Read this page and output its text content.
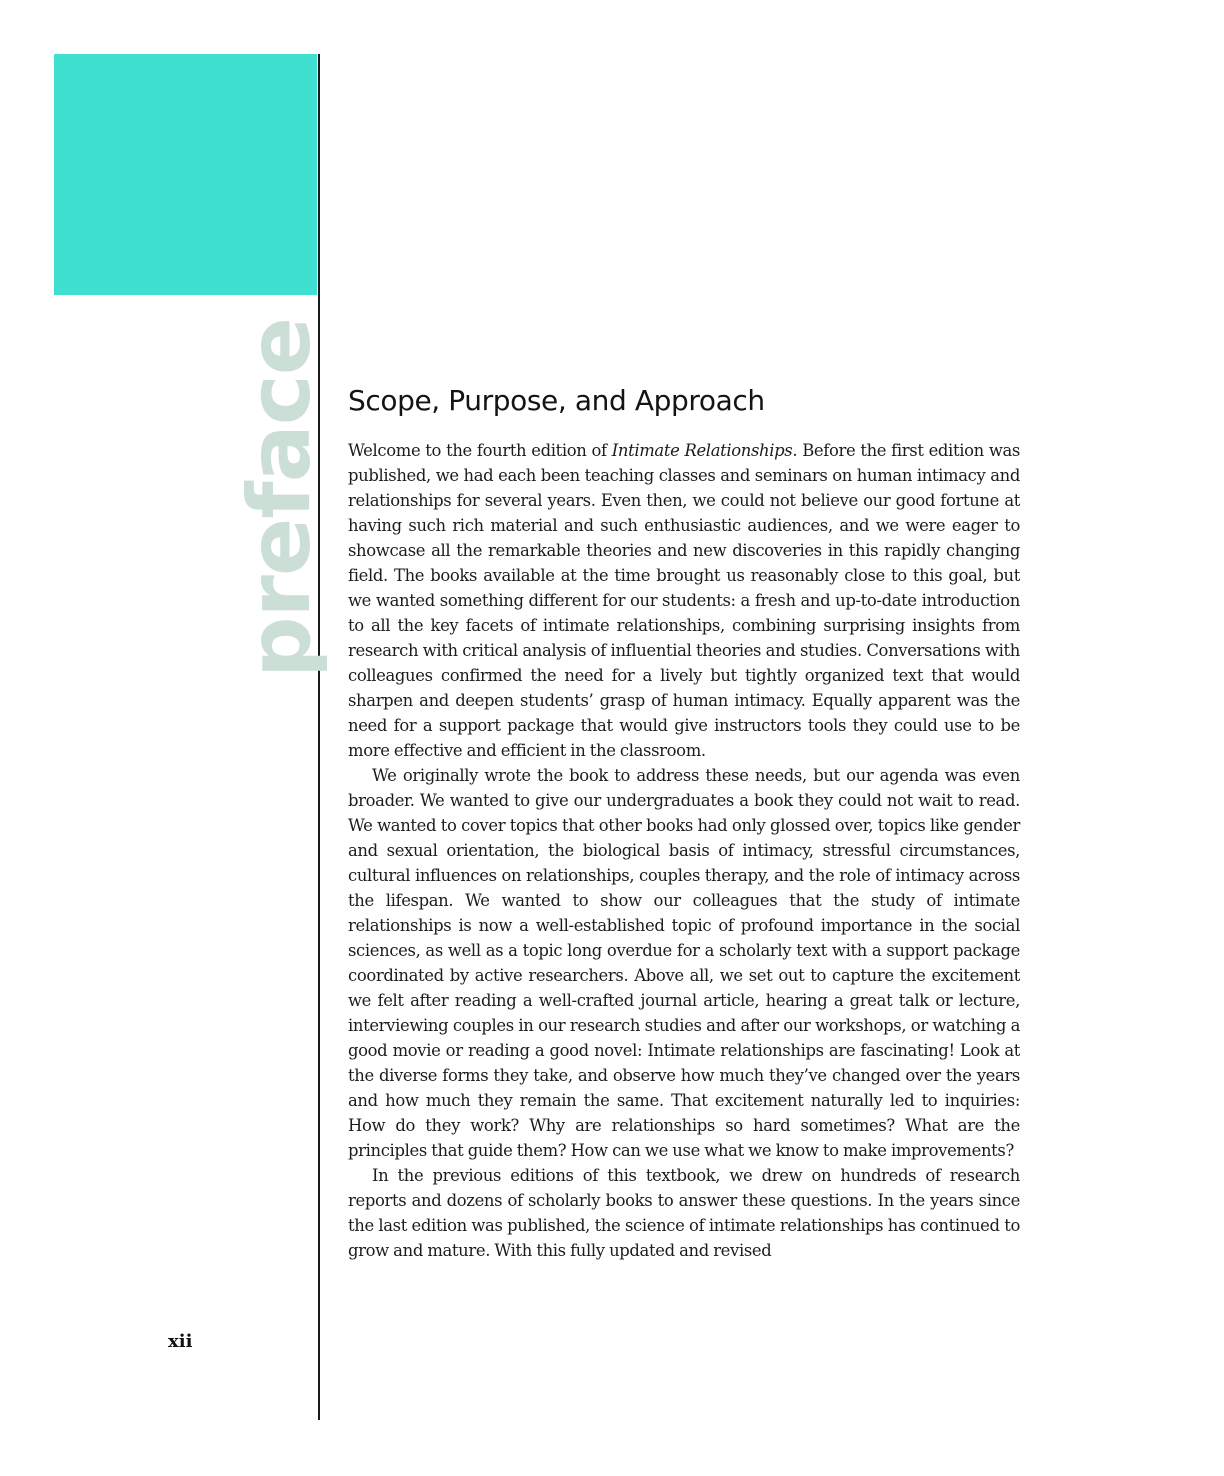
preface
xii
Scope, Purpose, and Approach

Welcome to the fourth edition of Intimate Relationships. Before the first edition was published, we had each been teaching classes and seminars on human intimacy and relationships for several years. Even then, we could not believe our good fortune at having such rich material and such enthusiastic audiences, and we were eager to showcase all the remarkable theories and new discoveries in this rapidly changing field. The books available at the time brought us reasonably close to this goal, but we wanted something different for our students: a fresh and up-to-date introduction to all the key facets of intimate relationships, combining surprising insights from research with critical analysis of influential theories and studies. Conversations with colleagues confirmed the need for a lively but tightly organized text that would sharpen and deepen students’ grasp of human intimacy. Equally apparent was the need for a support package that would give instructors tools they could use to be more effective and efficient in the classroom.

We originally wrote the book to address these needs, but our agenda was even broader. We wanted to give our undergraduates a book they could not wait to read. We wanted to cover topics that other books had only glossed over, topics like gender and sexual orientation, the biological basis of intimacy, stressful circumstances, cultural influences on relationships, couples therapy, and the role of intimacy across the lifespan. We wanted to show our colleagues that the study of intimate relationships is now a well-established topic of profound importance in the social sciences, as well as a topic long overdue for a scholarly text with a support package coordinated by active researchers. Above all, we set out to capture the excitement we felt after reading a well-crafted journal article, hearing a great talk or lecture, interviewing couples in our research studies and after our workshops, or watching a good movie or reading a good novel: Intimate relationships are fascinating! Look at the diverse forms they take, and observe how much they’ve changed over the years and how much they remain the same. That excitement naturally led to inquiries: How do they work? Why are relationships so hard sometimes? What are the principles that guide them? How can we use what we know to make improvements?

In the previous editions of this textbook, we drew on hundreds of research reports and dozens of scholarly books to answer these questions. In the years since the last edition was published, the science of intimate relationships has continued to grow and mature. With this fully updated and revised
